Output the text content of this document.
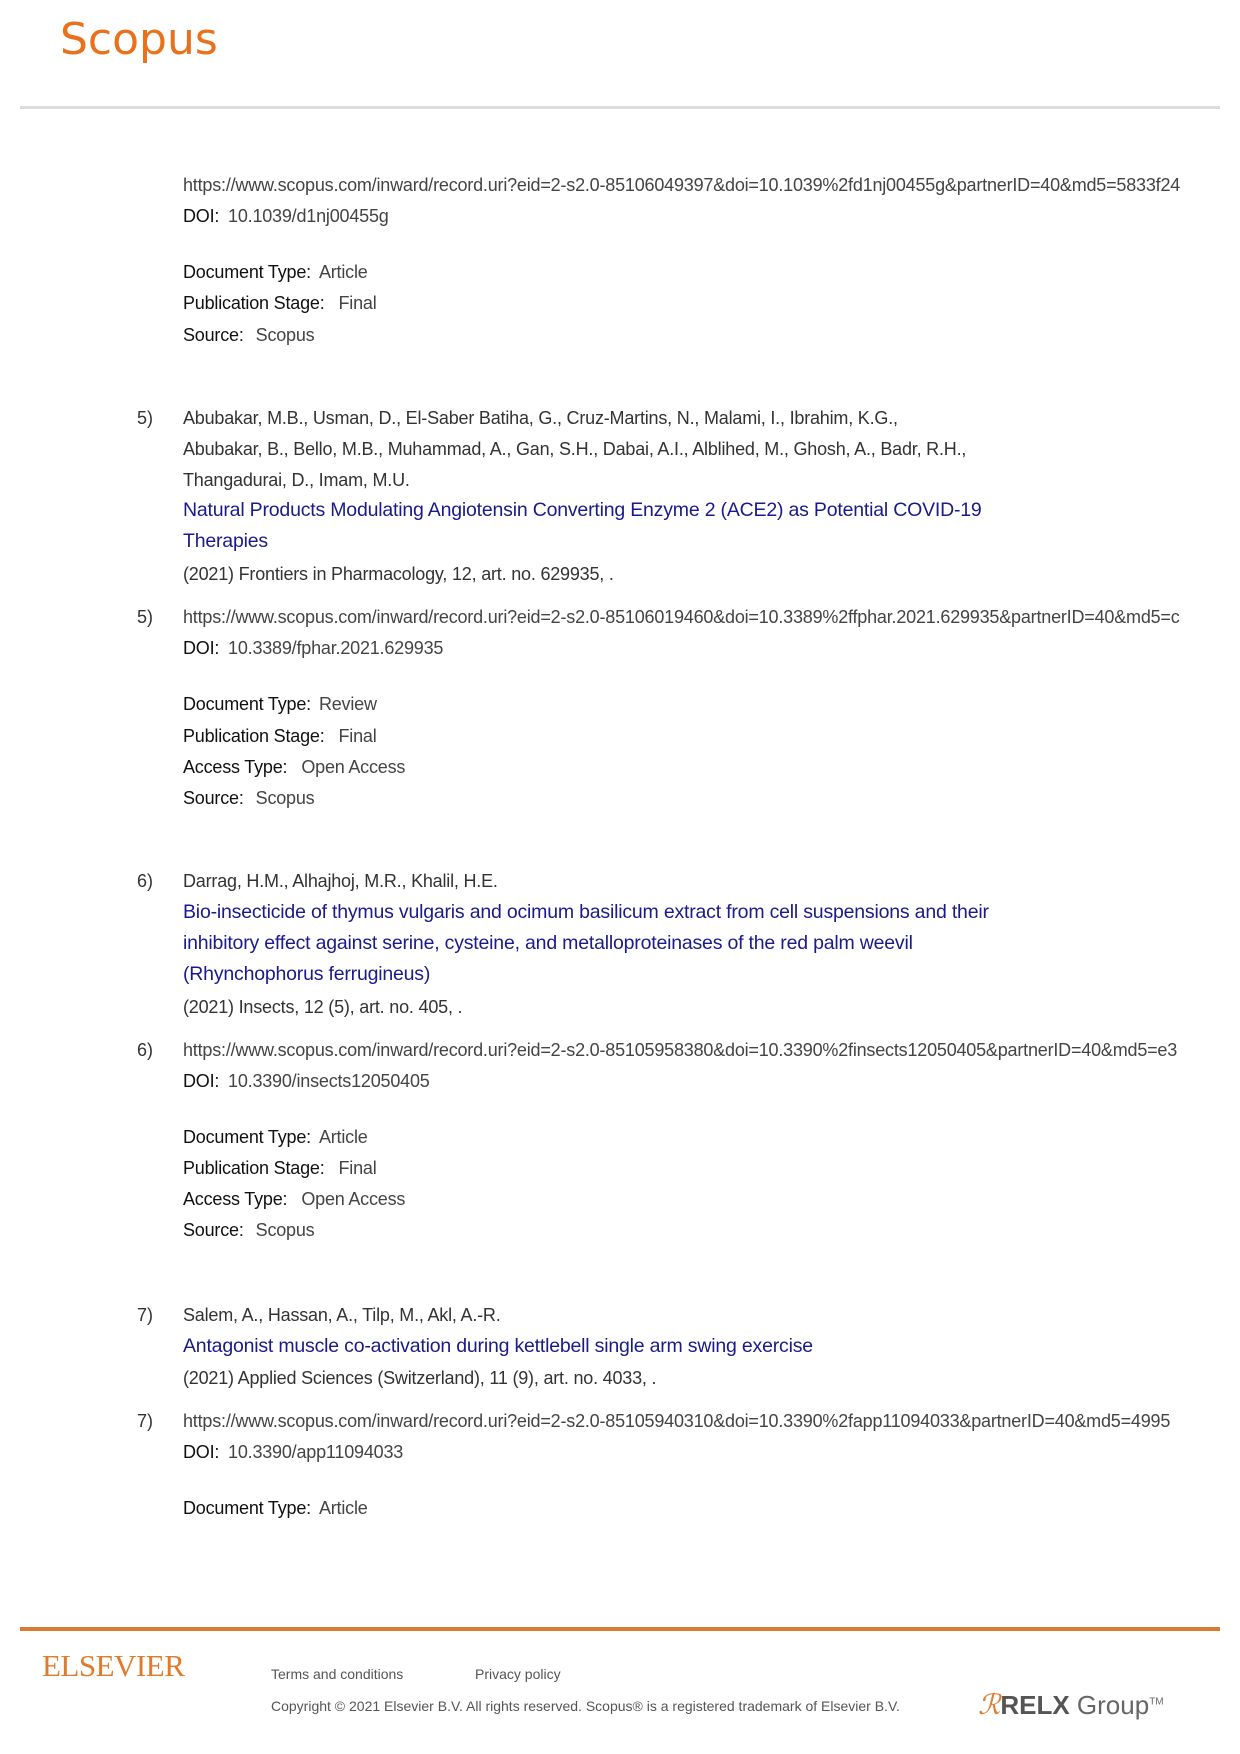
Scopus
https://www.scopus.com/inward/record.uri?eid=2-s2.0-85106049397&doi=10.1039%2fd1nj00455g&partnerID=40&md5=5833f24
DOI: 10.1039/d1nj00455g
Document Type: Article
Publication Stage: Final
Source: Scopus
5) Abubakar, M.B., Usman, D., El-Saber Batiha, G., Cruz-Martins, N., Malami, I., Ibrahim, K.G.,
Abubakar, B., Bello, M.B., Muhammad, A., Gan, S.H., Dabai, A.I., Alblihed, M., Ghosh, A., Badr, R.H.,
Thangadurai, D., Imam, M.U.
Natural Products Modulating Angiotensin Converting Enzyme 2 (ACE2) as Potential COVID-19
Therapies
(2021) Frontiers in Pharmacology, 12, art. no. 629935, .
5) https://www.scopus.com/inward/record.uri?eid=2-s2.0-85106019460&doi=10.3389%2ffphar.2021.629935&partnerID=40&md5=c
DOI: 10.3389/fphar.2021.629935
Document Type: Review
Publication Stage: Final
Access Type: Open Access
Source: Scopus
6) Darrag, H.M., Alhajhoj, M.R., Khalil, H.E.
Bio-insecticide of thymus vulgaris and ocimum basilicum extract from cell suspensions and their
inhibitory effect against serine, cysteine, and metalloproteinases of the red palm weevil
(Rhynchophorus ferrugineus)
(2021) Insects, 12 (5), art. no. 405, .
6) https://www.scopus.com/inward/record.uri?eid=2-s2.0-85105958380&doi=10.3390%2finsects12050405&partnerID=40&md5=e3
DOI: 10.3390/insects12050405
Document Type: Article
Publication Stage: Final
Access Type: Open Access
Source: Scopus
7) Salem, A., Hassan, A., Tilp, M., Akl, A.-R.
Antagonist muscle co-activation during kettlebell single arm swing exercise
(2021) Applied Sciences (Switzerland), 11 (9), art. no. 4033, .
7) https://www.scopus.com/inward/record.uri?eid=2-s2.0-85105940310&doi=10.3390%2fapp11094033&partnerID=40&md5=4995
DOI: 10.3390/app11094033
Document Type: Article
ELSEVIER	Terms and conditions	Privacy policy
Copyright © 2021 Elsevier B.V. All rights reserved. Scopus® is a registered trademark of Elsevier B.V.	ℛRELX Group™
